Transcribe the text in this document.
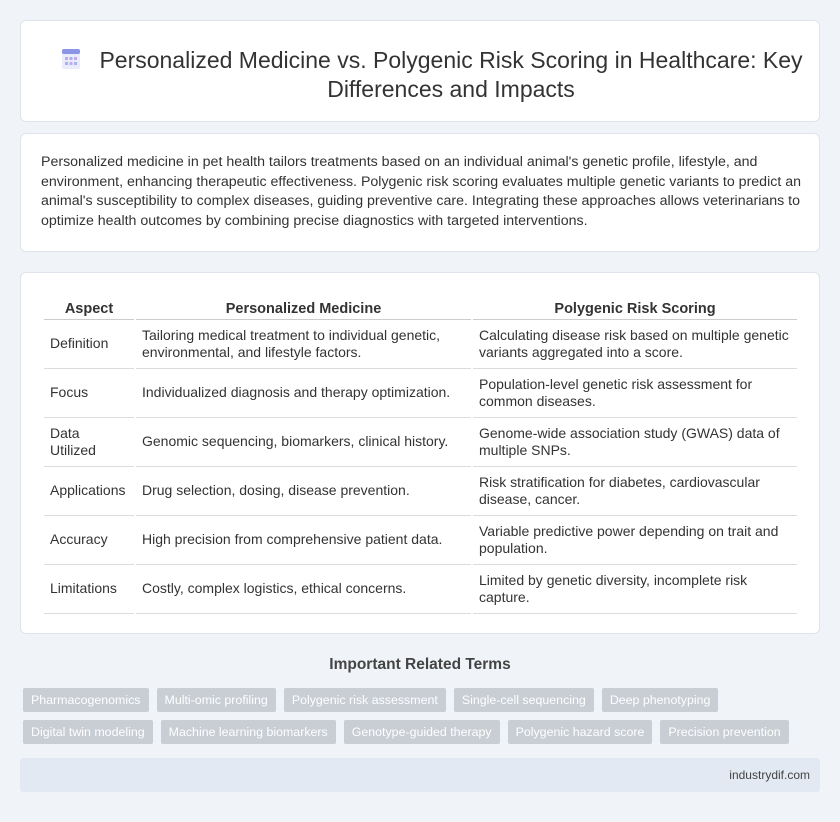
Personalized Medicine vs. Polygenic Risk Scoring in Healthcare: Key Differences and Impacts

Personalized medicine in pet health tailors treatments based on an individual animal's genetic profile, lifestyle, and environment, enhancing therapeutic effectiveness. Polygenic risk scoring evaluates multiple genetic variants to predict an animal's susceptibility to complex diseases, guiding preventive care. Integrating these approaches allows veterinarians to optimize health outcomes by combining precise diagnostics with targeted interventions.

Aspect	Personalized Medicine	Polygenic Risk Scoring
Definition	Tailoring medical treatment to individual genetic, environmental, and lifestyle factors.	Calculating disease risk based on multiple genetic variants aggregated into a score.
Focus	Individualized diagnosis and therapy optimization.	Population-level genetic risk assessment for common diseases.
Data Utilized	Genomic sequencing, biomarkers, clinical history.	Genome-wide association study (GWAS) data of multiple SNPs.
Applications	Drug selection, dosing, disease prevention.	Risk stratification for diabetes, cardiovascular disease, cancer.
Accuracy	High precision from comprehensive patient data.	Variable predictive power depending on trait and population.
Limitations	Costly, complex logistics, ethical concerns.	Limited by genetic diversity, incomplete risk capture.
Important Related Terms
Pharmacogenomics	Multi-omic profiling	Polygenic risk assessment	Single-cell sequencing	Deep phenotyping
Digital twin modeling	Machine learning biomarkers	Genotype-guided therapy	Polygenic hazard score	Precision prevention
industrydif.com
